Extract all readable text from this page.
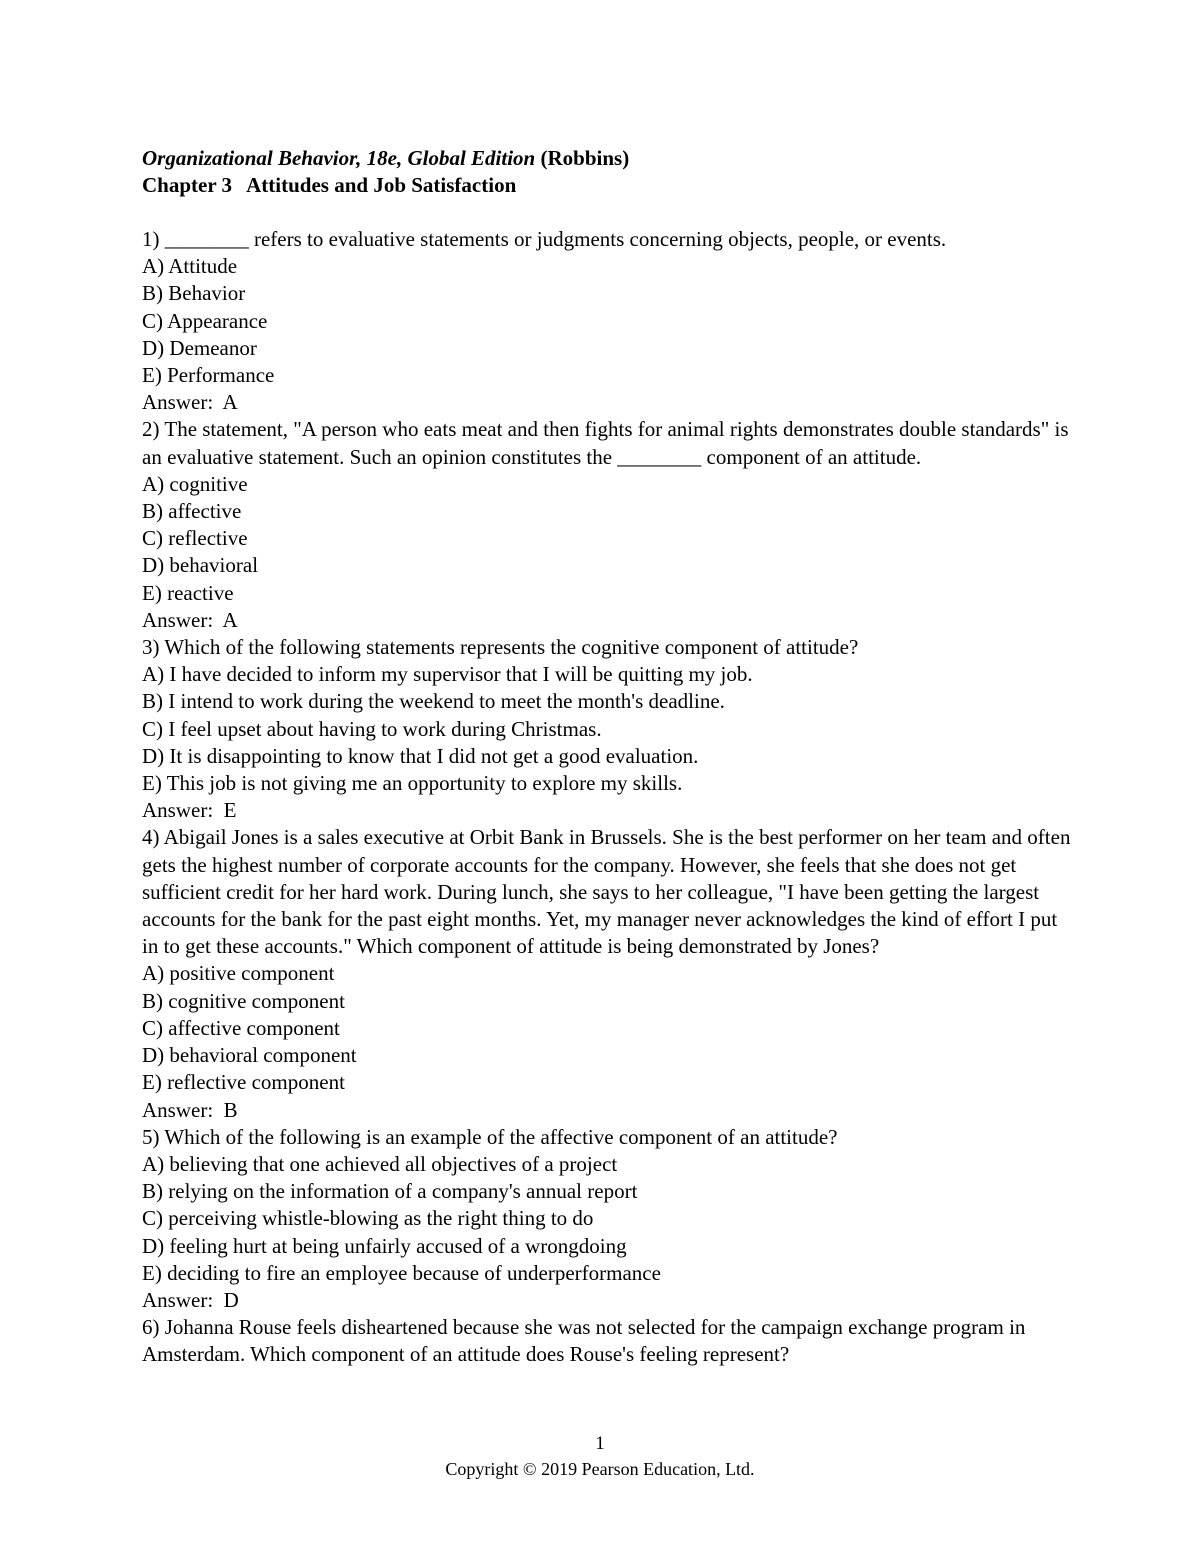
Organizational Behavior, 18e, Global Edition (Robbins)
Chapter 3 Attitudes and Job Satisfaction
1) ________ refers to evaluative statements or judgments concerning objects, people, or events.
A) Attitude
B) Behavior
C) Appearance
D) Demeanor
E) Performance
Answer:  A
2) The statement, "A person who eats meat and then fights for animal rights demonstrates double standards" is an evaluative statement. Such an opinion constitutes the ________ component of an attitude.
A) cognitive
B) affective
C) reflective
D) behavioral
E) reactive
Answer:  A
3) Which of the following statements represents the cognitive component of attitude?
A) I have decided to inform my supervisor that I will be quitting my job.
B) I intend to work during the weekend to meet the month's deadline.
C) I feel upset about having to work during Christmas.
D) It is disappointing to know that I did not get a good evaluation.
E) This job is not giving me an opportunity to explore my skills.
Answer:  E
4) Abigail Jones is a sales executive at Orbit Bank in Brussels. She is the best performer on her team and often gets the highest number of corporate accounts for the company. However, she feels that she does not get sufficient credit for her hard work. During lunch, she says to her colleague, "I have been getting the largest accounts for the bank for the past eight months. Yet, my manager never acknowledges the kind of effort I put in to get these accounts." Which component of attitude is being demonstrated by Jones?
A) positive component
B) cognitive component
C) affective component
D) behavioral component
E) reflective component
Answer:  B
5) Which of the following is an example of the affective component of an attitude?
A) believing that one achieved all objectives of a project
B) relying on the information of a company's annual report
C) perceiving whistle-blowing as the right thing to do
D) feeling hurt at being unfairly accused of a wrongdoing
E) deciding to fire an employee because of underperformance
Answer:  D
6) Johanna Rouse feels disheartened because she was not selected for the campaign exchange program in Amsterdam. Which component of an attitude does Rouse's feeling represent?
1
Copyright © 2019 Pearson Education, Ltd.
